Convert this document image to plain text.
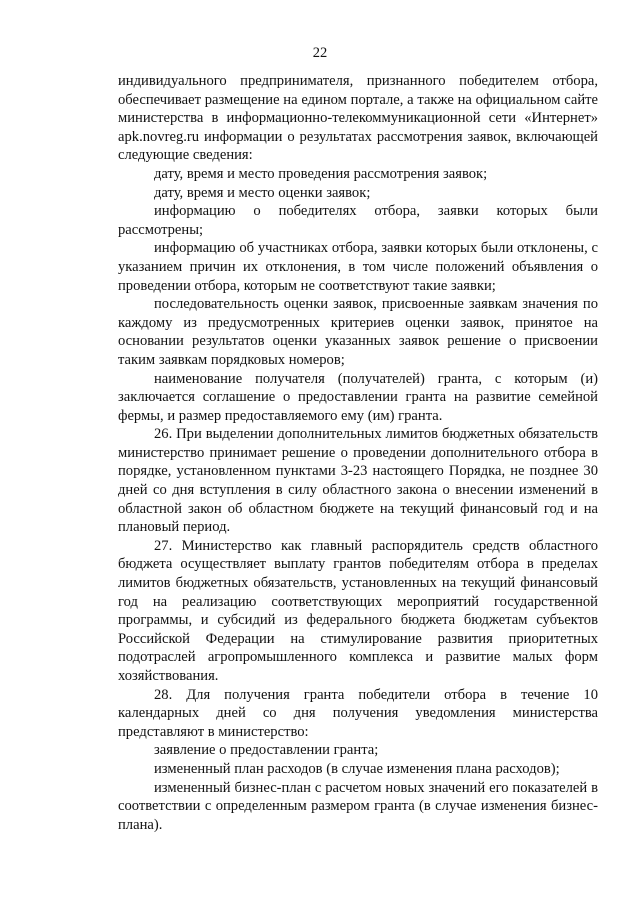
22

индивидуального предпринимателя, признанного победителем отбора, обеспечивает размещение на едином портале, а также на официальном сайте министерства в информационно-телекоммуникационной сети «Интернет» apk.novreg.ru информации о результатах рассмотрения заявок, включающей следующие сведения:

дату, время и место проведения рассмотрения заявок;

дату, время и место оценки заявок;

информацию о победителях отбора, заявки которых были рассмотрены;

информацию об участниках отбора, заявки которых были отклонены, с указанием причин их отклонения, в том числе положений объявления о проведении отбора, которым не соответствуют такие заявки;

последовательность оценки заявок, присвоенные заявкам значения по каждому из предусмотренных критериев оценки заявок, принятое на основании результатов оценки указанных заявок решение о присвоении таким заявкам порядковых номеров;

наименование получателя (получателей) гранта, с которым (и) заключается соглашение о предоставлении гранта на развитие семейной фермы, и размер предоставляемого ему (им) гранта.

26. При выделении дополнительных лимитов бюджетных обязательств министерство принимает решение о проведении дополнительного отбора в порядке, установленном пунктами 3-23 настоящего Порядка, не позднее 30 дней со дня вступления в силу областного закона о внесении изменений в областной закон об областном бюджете на текущий финансовый год и на плановый период.

27. Министерство как главный распорядитель средств областного бюджета осуществляет выплату грантов победителям отбора в пределах лимитов бюджетных обязательств, установленных на текущий финансовый год на реализацию соответствующих мероприятий государственной программы, и субсидий из федерального бюджета бюджетам субъектов Российской Федерации на стимулирование развития приоритетных подотраслей агропромышленного комплекса и развитие малых форм хозяйствования.

28. Для получения гранта победители отбора в течение 10 календарных дней со дня получения уведомления министерства представляют в министерство:

заявление о предоставлении гранта;

измененный план расходов (в случае изменения плана расходов);

измененный бизнес-план с расчетом новых значений его показателей в соответствии с определенным размером гранта (в случае изменения бизнес-плана).
